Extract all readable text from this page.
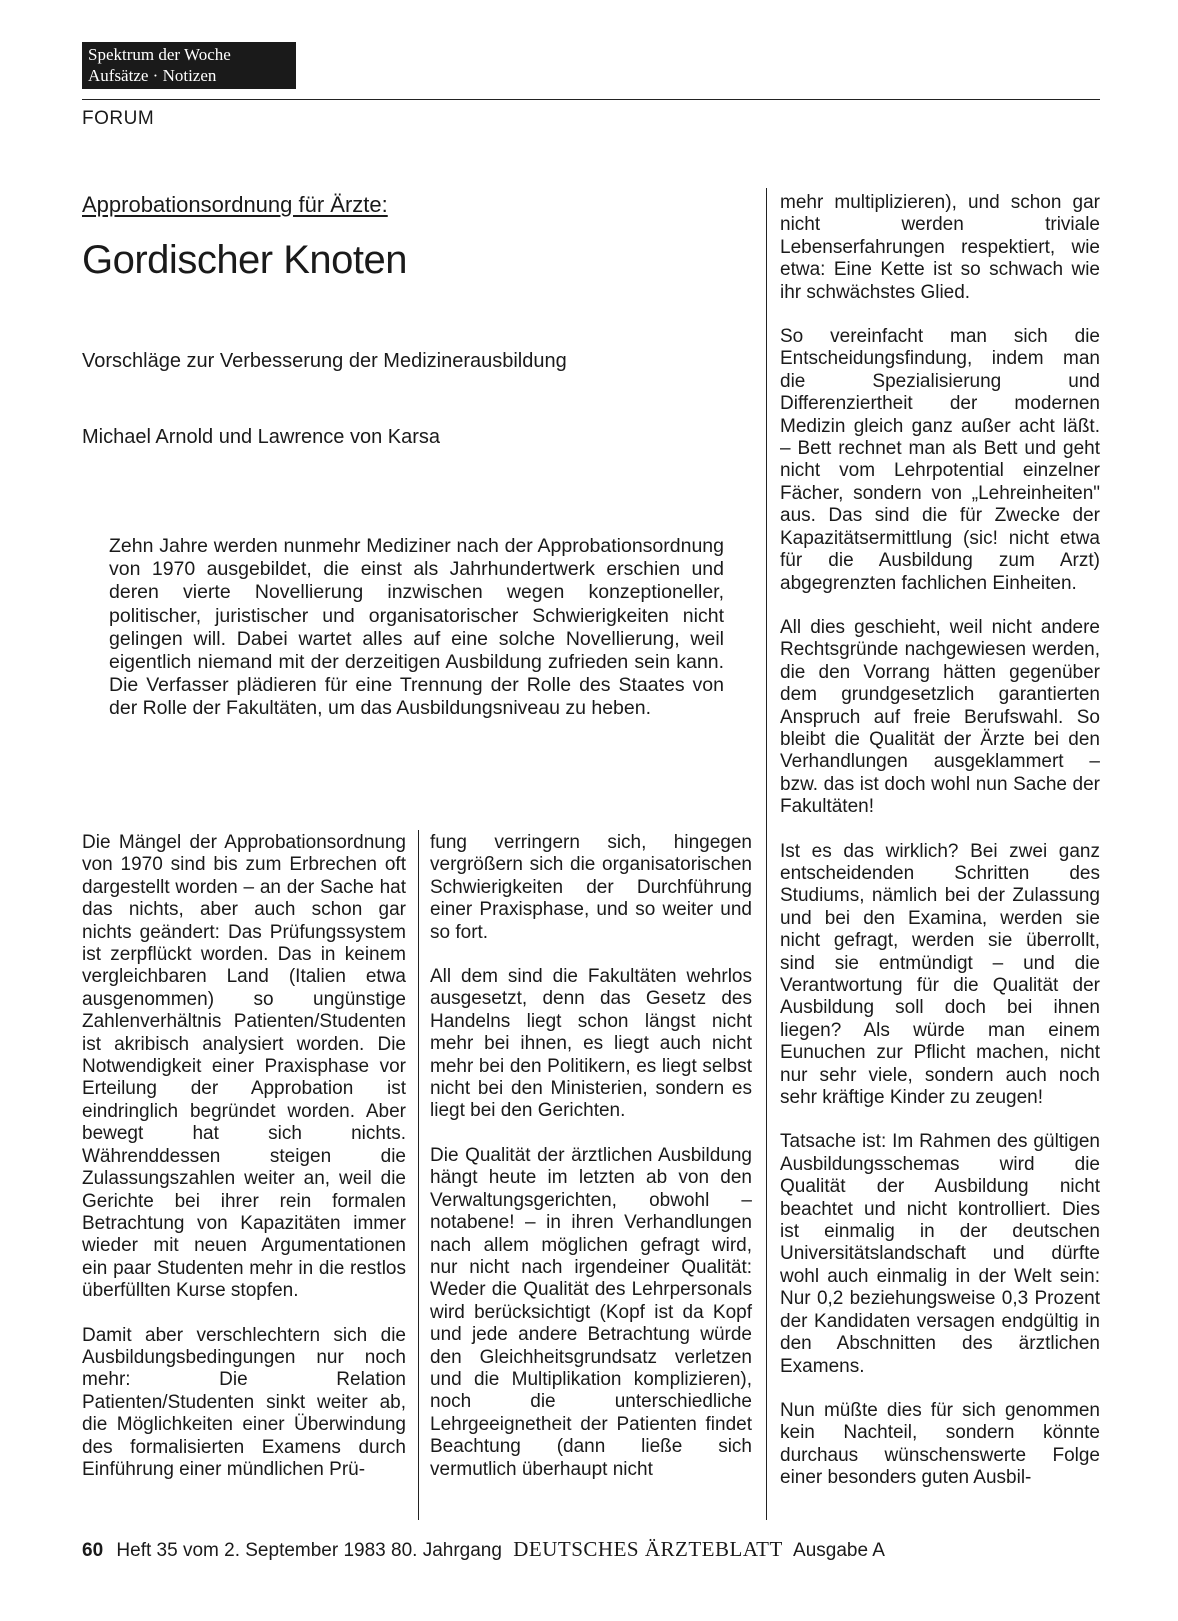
Spektrum der Woche
Aufsätze · Notizen
FORUM
Approbationsordnung für Ärzte:
Gordischer Knoten
Vorschläge zur Verbesserung der Medizinerausbildung
Michael Arnold und Lawrence von Karsa
Zehn Jahre werden nunmehr Mediziner nach der Approbationsordnung von 1970 ausgebildet, die einst als Jahrhundertwerk erschien und deren vierte Novellierung inzwischen wegen konzeptioneller, politischer, juristischer und organisatorischer Schwierigkeiten nicht gelingen will. Dabei wartet alles auf eine solche Novellierung, weil eigentlich niemand mit der derzeitigen Ausbildung zufrieden sein kann. Die Verfasser plädieren für eine Trennung der Rolle des Staates von der Rolle der Fakultäten, um das Ausbildungsniveau zu heben.

Die Mängel der Approbationsordnung von 1970 sind bis zum Erbrechen oft dargestellt worden – an der Sache hat das nichts, aber auch schon gar nichts geändert: Das Prüfungssystem ist zerpflückt worden. Das in keinem vergleichbaren Land (Italien etwa ausgenommen) so ungünstige Zahlenverhältnis Patienten/Studenten ist akribisch analysiert worden. Die Notwendigkeit einer Praxisphase vor Erteilung der Approbation ist eindringlich begründet worden. Aber bewegt hat sich nichts. Währenddessen steigen die Zulassungszahlen weiter an, weil die Gerichte bei ihrer rein formalen Betrachtung von Kapazitäten immer wieder mit neuen Argumentationen ein paar Studenten mehr in die restlos überfüllten Kurse stopfen.

Damit aber verschlechtern sich die Ausbildungsbedingungen nur noch mehr: Die Relation Patienten/Studenten sinkt weiter ab, die Möglichkeiten einer Überwindung des formalisierten Examens durch Einführung einer mündlichen Prü-

fung verringern sich, hingegen vergrößern sich die organisatorischen Schwierigkeiten der Durchführung einer Praxisphase, und so weiter und so fort.

All dem sind die Fakultäten wehrlos ausgesetzt, denn das Gesetz des Handelns liegt schon längst nicht mehr bei ihnen, es liegt auch nicht mehr bei den Politikern, es liegt selbst nicht bei den Ministerien, sondern es liegt bei den Gerichten.

Die Qualität der ärztlichen Ausbildung hängt heute im letzten ab von den Verwaltungsgerichten, obwohl – notabene! – in ihren Verhandlungen nach allem möglichen gefragt wird, nur nicht nach irgendeiner Qualität: Weder die Qualität des Lehrpersonals wird berücksichtigt (Kopf ist da Kopf und jede andere Betrachtung würde den Gleichheitsgrundsatz verletzen und die Multiplikation komplizieren), noch die unterschiedliche Lehrgeeignetheit der Patienten findet Beachtung (dann ließe sich vermutlich überhaupt nicht

mehr multiplizieren), und schon gar nicht werden triviale Lebenserfahrungen respektiert, wie etwa: Eine Kette ist so schwach wie ihr schwächstes Glied.

So vereinfacht man sich die Entscheidungsfindung, indem man die Spezialisierung und Differenziertheit der modernen Medizin gleich ganz außer acht läßt. – Bett rechnet man als Bett und geht nicht vom Lehrpotential einzelner Fächer, sondern von „Lehreinheiten" aus. Das sind die für Zwecke der Kapazitätsermittlung (sic! nicht etwa für die Ausbildung zum Arzt) abgegrenzten fachlichen Einheiten.

All dies geschieht, weil nicht andere Rechtsgründe nachgewiesen werden, die den Vorrang hätten gegenüber dem grundgesetzlich garantierten Anspruch auf freie Berufswahl. So bleibt die Qualität der Ärzte bei den Verhandlungen ausgeklammert – bzw. das ist doch wohl nun Sache der Fakultäten!

Ist es das wirklich? Bei zwei ganz entscheidenden Schritten des Studiums, nämlich bei der Zulassung und bei den Examina, werden sie nicht gefragt, werden sie überrollt, sind sie entmündigt – und die Verantwortung für die Qualität der Ausbildung soll doch bei ihnen liegen? Als würde man einem Eunuchen zur Pflicht machen, nicht nur sehr viele, sondern auch noch sehr kräftige Kinder zu zeugen!

Tatsache ist: Im Rahmen des gültigen Ausbildungsschemas wird die Qualität der Ausbildung nicht beachtet und nicht kontrolliert. Dies ist einmalig in der deutschen Universitätslandschaft und dürfte wohl auch einmalig in der Welt sein: Nur 0,2 beziehungsweise 0,3 Prozent der Kandidaten versagen endgültig in den Abschnitten des ärztlichen Examens.

Nun müßte dies für sich genommen kein Nachteil, sondern könnte durchaus wünschenswerte Folge einer besonders guten Ausbil-

60 Heft 35 vom 2. September 1983 80. Jahrgang DEUTSCHES ÄRZTEBLATT Ausgabe A
